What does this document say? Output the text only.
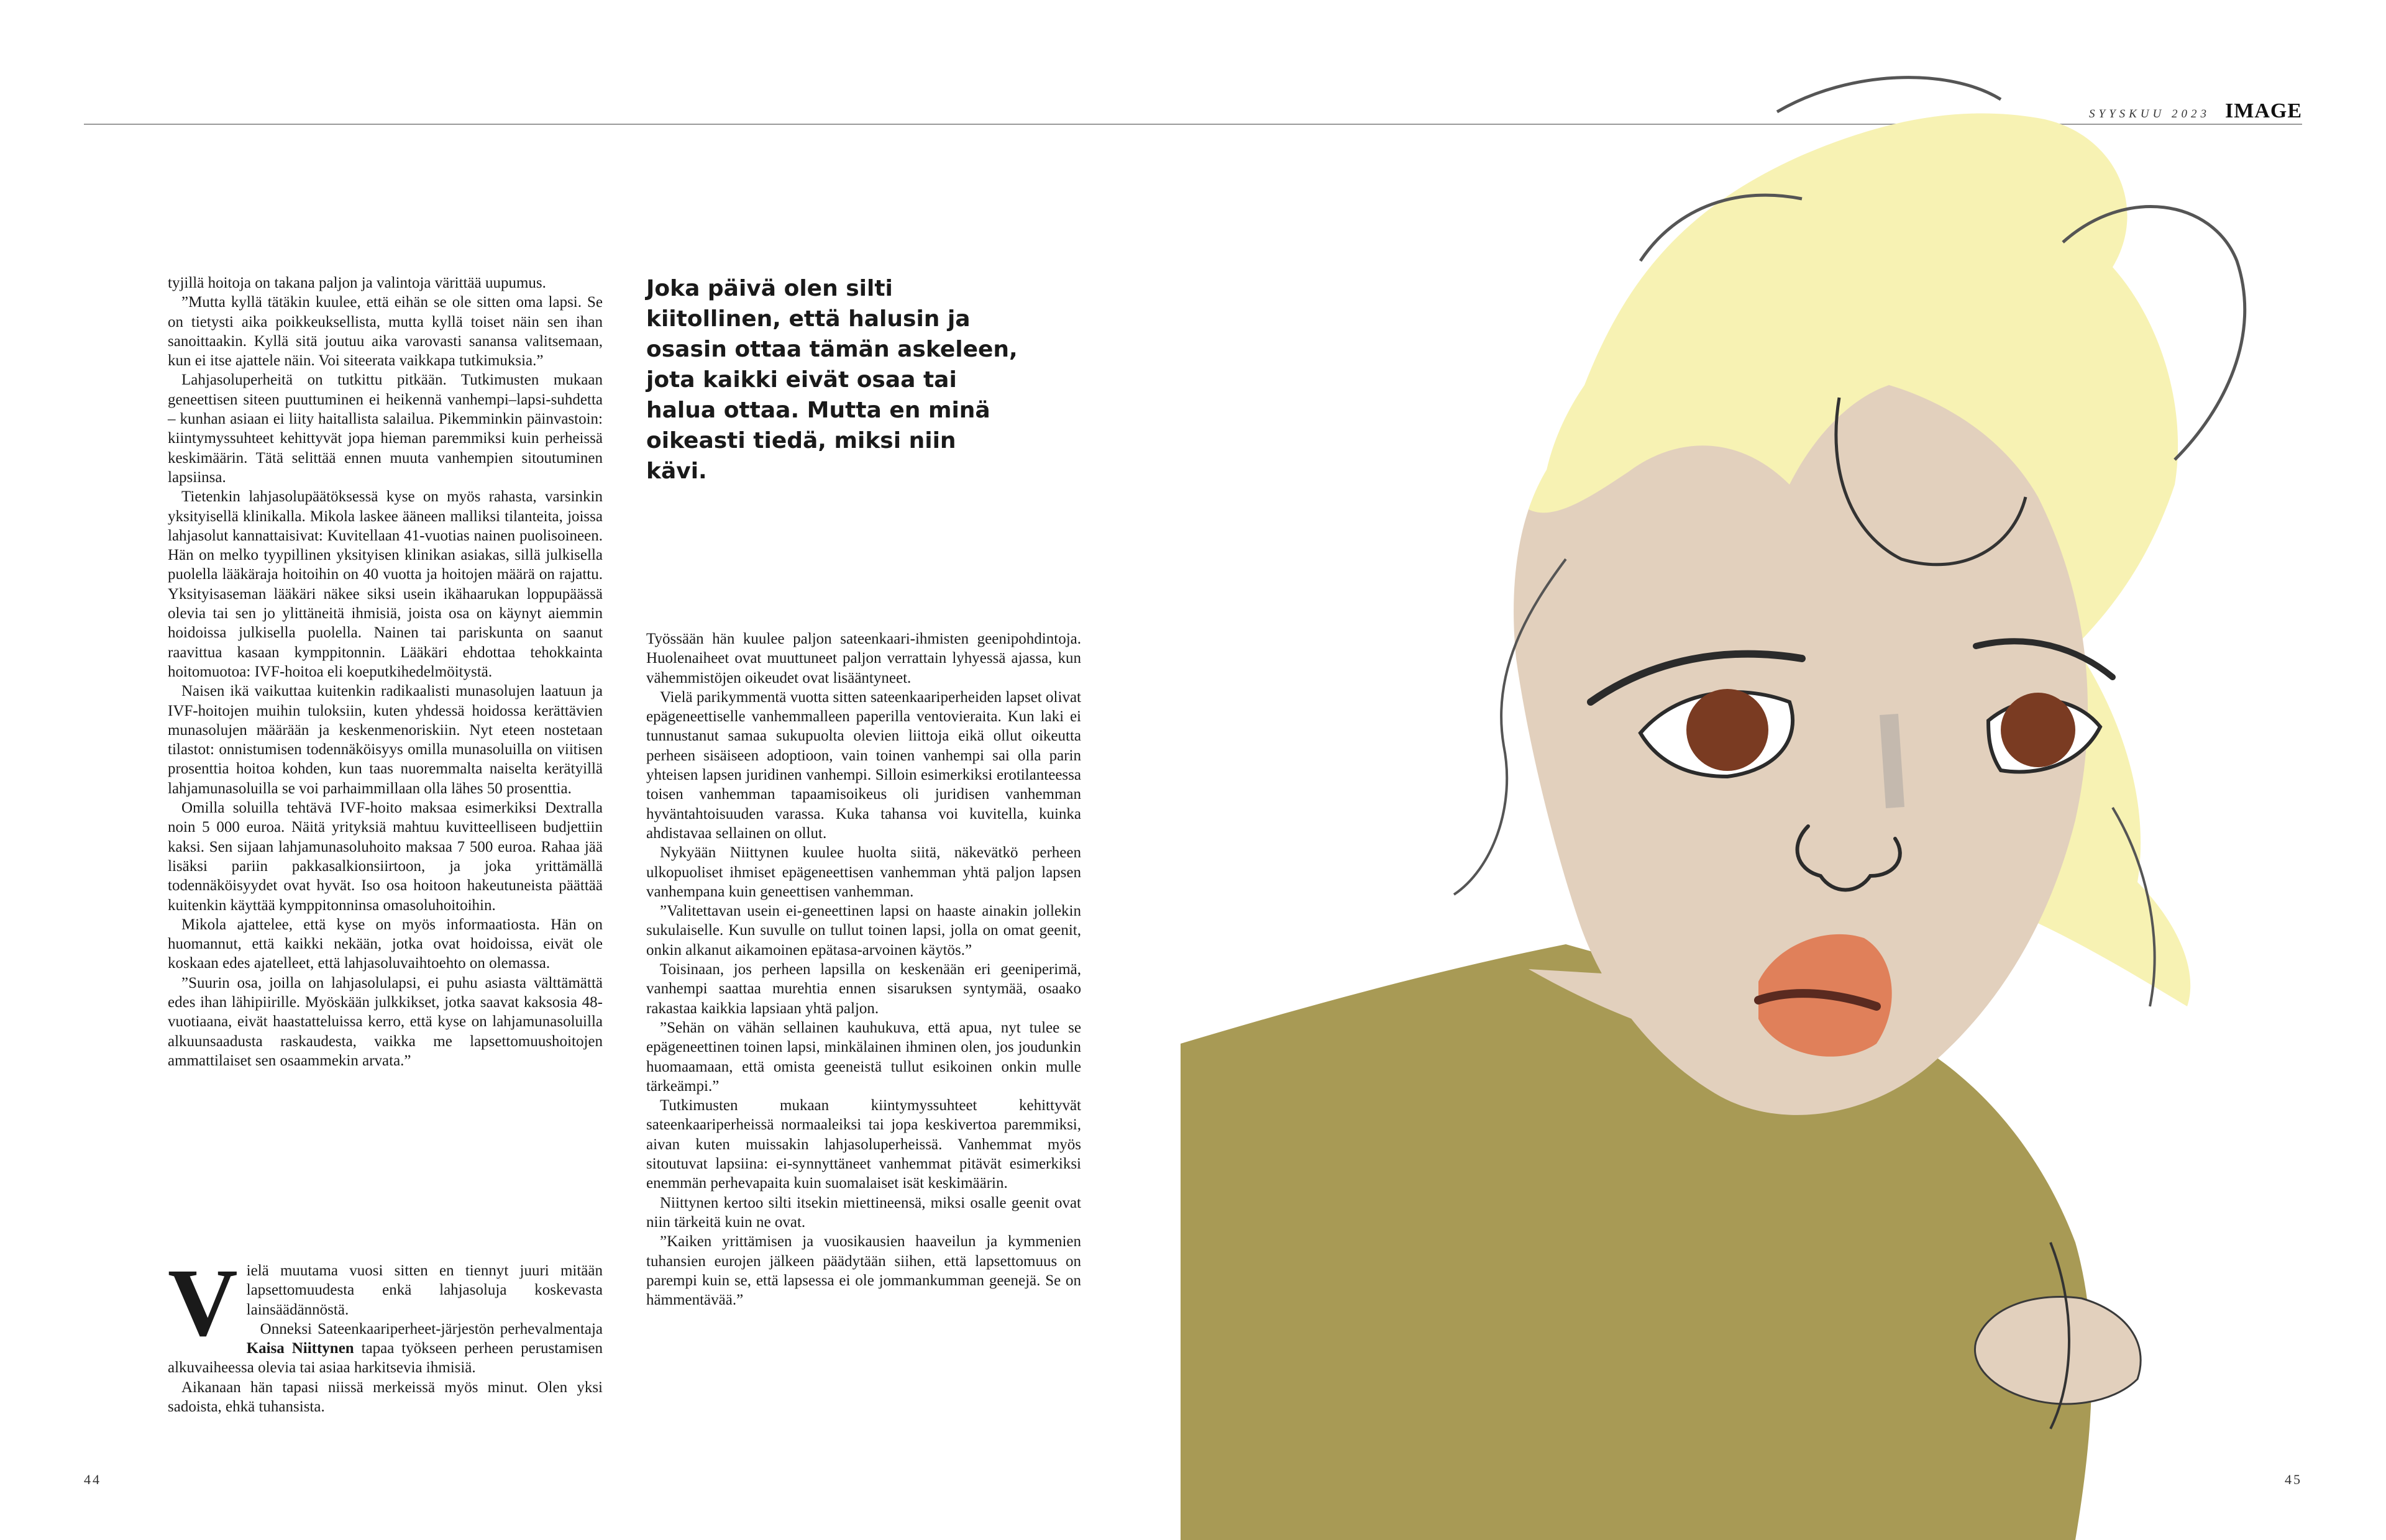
SYYSKUU 2023 IMAGE

tyjillä hoitoja on takana paljon ja valintoja värittää uupumus.

”Mutta kyllä tätäkin kuulee, että eihän se ole sitten oma lapsi. Se on tietysti aika poikkeuksellista, mutta kyllä toiset näin sen ihan sanoittaakin. Kyllä sitä joutuu aika varovasti sanansa valitsemaan, kun ei itse ajattele näin. Voi siteerata vaikkapa tutkimuksia.”

Lahjasoluperheitä on tutkittu pitkään. Tutkimusten mukaan geneettisen siteen puuttuminen ei heikennä vanhempi–lapsi-suhdetta – kunhan asiaan ei liity haitallista salailua. Pikemminkin päinvastoin: kiintymyssuhteet kehittyvät jopa hieman paremmiksi kuin perheissä keskimäärin. Tätä selittää ennen muuta vanhempien sitoutuminen lapsiinsa.

Tietenkin lahjasolupäätöksessä kyse on myös rahasta, varsinkin yksityisellä klinikalla. Mikola laskee ääneen malliksi tilanteita, joissa lahjasolut kannattaisivat: Kuvitellaan 41-vuotias nainen puolisoineen. Hän on melko tyypillinen yksityisen klinikan asiakas, sillä julkisella puolella lääkäraja hoitoihin on 40 vuotta ja hoitojen määrä on rajattu. Yksityisaseman lääkäri näkee siksi usein ikähaarukan loppupäässä olevia tai sen jo ylittäneitä ihmisiä, joista osa on käynyt aiemmin hoidoissa julkisella puolella. Nainen tai pariskunta on saanut raavittua kasaan kymppitonnin. Lääkäri ehdottaa tehokkainta hoitomuotoa: IVF-hoitoa eli koeputkihedelmöitystä.

Naisen ikä vaikuttaa kuitenkin radikaalisti munasolujen laatuun ja IVF-hoitojen muihin tuloksiin, kuten yhdessä hoidossa kerättävien munasolujen määrään ja keskenmenoriskiin. Nyt eteen nostetaan tilastot: onnistumisen todennäköisyys omilla munasoluilla on viitisen prosenttia hoitoa kohden, kun taas nuoremmalta naiselta kerätyillä lahjamunasoluilla se voi parhaimmillaan olla lähes 50 prosenttia.

Omilla soluilla tehtävä IVF-hoito maksaa esimerkiksi Dextralla noin 5 000 euroa. Näitä yrityksiä mahtuu kuvitteelliseen budjettiin kaksi. Sen sijaan lahjamunasoluhoito maksaa 7 500 euroa. Rahaa jää lisäksi pariin pakkasalkionsiirtoon, ja joka yrittämällä todennäköisyydet ovat hyvät. Iso osa hoitoon hakeutuneista päättää kuitenkin käyttää kymppitonninsa omasoluhoitoihin.

Mikola ajattelee, että kyse on myös informaatiosta. Hän on huomannut, että kaikki nekään, jotka ovat hoidoissa, eivät ole koskaan edes ajatelleet, että lahjasoluvaihtoehto on olemassa.

”Suurin osa, joilla on lahjasolulapsi, ei puhu asiasta välttämättä edes ihan lähipiirille. Myöskään julkkikset, jotka saavat kaksosia 48-vuotiaana, eivät haastatteluissa kerro, että kyse on lahjamunasoluilla alkuunsaadusta raskaudesta, vaikka me lapsettomuushoitojen ammattilaiset sen osaammekin arvata.”

Vielä muutama vuosi sitten en tiennyt juuri mitään lapsettomuudesta enkä lahjasoluja koskevasta lainsäädännöstä.

Onneksi Sateenkaariperheet-järjestön perhevalmentaja Kaisa Niittynen tapaa työkseen perheen perustamisen alkuvaiheessa olevia tai asiaa harkitsevia ihmisiä.

Aikanaan hän tapasi niissä merkeissä myös minut. Olen yksi sadoista, ehkä tuhansista.

Joka päivä olen silti kiitollinen, että halusin ja osasin ottaa tämän askeleen, jota kaikki eivät osaa tai halua ottaa. Mutta en minä oikeasti tiedä, miksi niin kävi.

Työssään hän kuulee paljon sateenkaari-ihmisten geenipohdintoja. Huolenaiheet ovat muuttuneet paljon verrattain lyhyessä ajassa, kun vähemmistöjen oikeudet ovat lisääntyneet.

Vielä parikymmentä vuotta sitten sateenkaariperheiden lapset olivat epägeneettiselle vanhemmalleen paperilla ventovieraita. Kun laki ei tunnustanut samaa sukupuolta olevien liittoja eikä ollut oikeutta perheen sisäiseen adoptioon, vain toinen vanhempi sai olla parin yhteisen lapsen juridinen vanhempi. Silloin esimerkiksi erotilanteessa toisen vanhemman tapaamisoikeus oli juridisen vanhemman hyväntahtoisuuden varassa. Kuka tahansa voi kuvitella, kuinka ahdistavaa sellainen on ollut.

Nykyään Niittynen kuulee huolta siitä, näkevätkö perheen ulkopuoliset ihmiset epägeneettisen vanhemman yhtä paljon lapsen vanhempana kuin geneettisen vanhemman.

”Valitettavan usein ei-geneettinen lapsi on haaste ainakin jollekin sukulaiselle. Kun suvulle on tullut toinen lapsi, jolla on omat geenit, onkin alkanut aikamoinen epätasa-arvoinen käytös.”

Toisinaan, jos perheen lapsilla on keskenään eri geeniperimä, vanhempi saattaa murehtia ennen sisaruksen syntymää, osaako rakastaa kaikkia lapsiaan yhtä paljon.

”Sehän on vähän sellainen kauhukuva, että apua, nyt tulee se epägeneettinen toinen lapsi, minkälainen ihminen olen, jos joudunkin huomaamaan, että omista geeneistä tullut esikoinen onkin mulle tärkeämpi.”

Tutkimusten mukaan kiintymyssuhteet kehittyvät sateenkaariperheissä normaaleiksi tai jopa keskivertoa paremmiksi, aivan kuten muissakin lahjasoluperheissä. Vanhemmat myös sitoutuvat lapsiina: ei-synnyttäneet vanhemmat pitävät esimerkiksi enemmän perhevapaita kuin suomalaiset isät keskimäärin.

Niittynen kertoo silti itsekin miettineensä, miksi osalle geenit ovat niin tärkeitä kuin ne ovat.

”Kaiken yrittämisen ja vuosikausien haaveilun ja kymmenien tuhansien eurojen jälkeen päädytään siihen, että lapsettomuus on parempi kuin se, että lapsessa ei ole jommankumman geenejä. Se on hämmentävää.”

44	45
